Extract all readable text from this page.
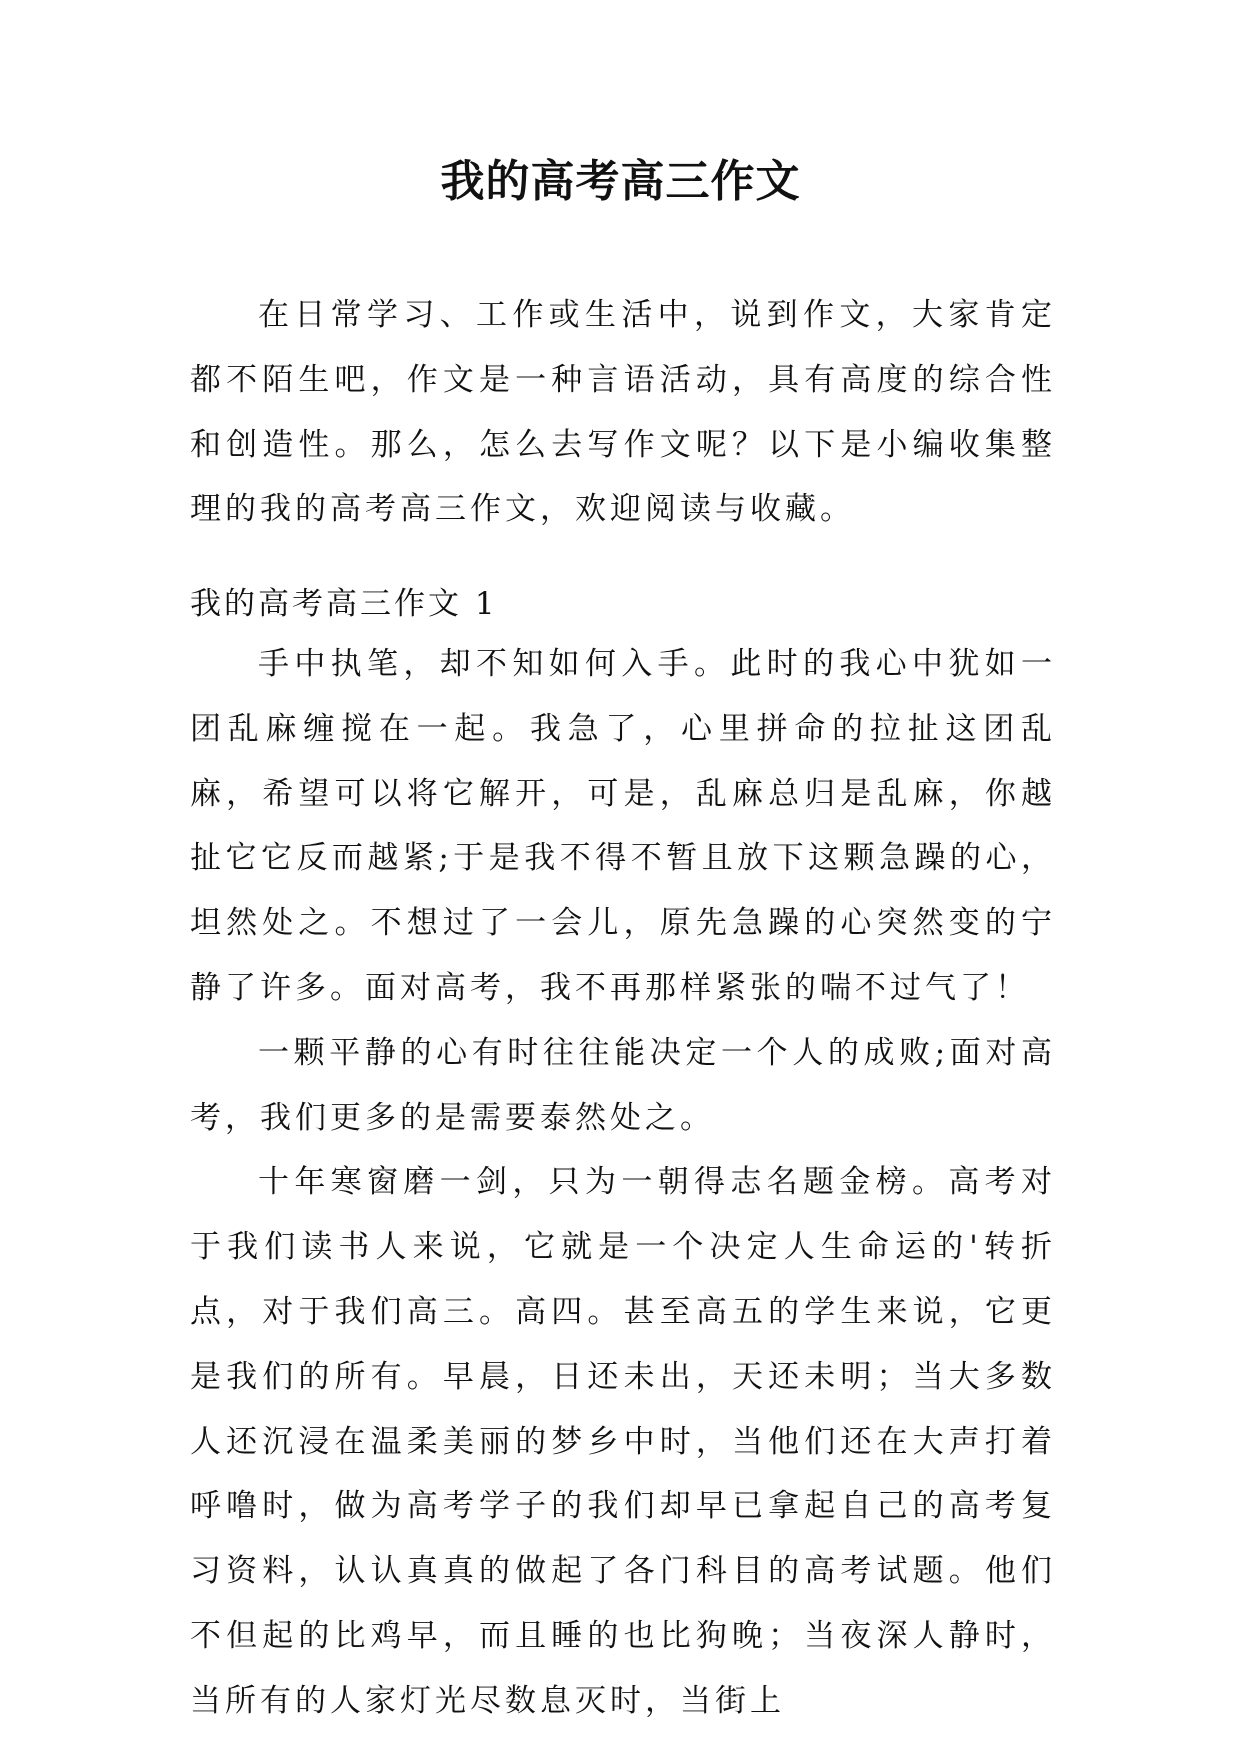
我的高考高三作文

在日常学习、工作或生活中，说到作文，大家肯定都不陌生吧，作文是一种言语活动，具有高度的综合性和创造性。那么，怎么去写作文呢？以下是小编收集整理的我的高考高三作文，欢迎阅读与收藏。

我的高考高三作文 1

手中执笔，却不知如何入手。此时的我心中犹如一团乱麻缠搅在一起。我急了，心里拼命的拉扯这团乱麻，希望可以将它解开，可是，乱麻总归是乱麻，你越扯它它反而越紧;于是我不得不暂且放下这颗急躁的心，坦然处之。不想过了一会儿，原先急躁的心突然变的宁静了许多。面对高考，我不再那样紧张的喘不过气了！

一颗平静的心有时往往能决定一个人的成败;面对高考，我们更多的是需要泰然处之。

十年寒窗磨一剑，只为一朝得志名题金榜。高考对于我们读书人来说，它就是一个决定人生命运的'转折点，对于我们高三。高四。甚至高五的学生来说，它更是我们的所有。早晨，日还未出，天还未明；当大多数人还沉浸在温柔美丽的梦乡中时，当他们还在大声打着呼噜时，做为高考学子的我们却早已拿起自己的高考复习资料，认认真真的做起了各门科目的高考试题。他们不但起的比鸡早，而且睡的也比狗晚；当夜深人静时，当所有的人家灯光尽数息灭时，当街上
